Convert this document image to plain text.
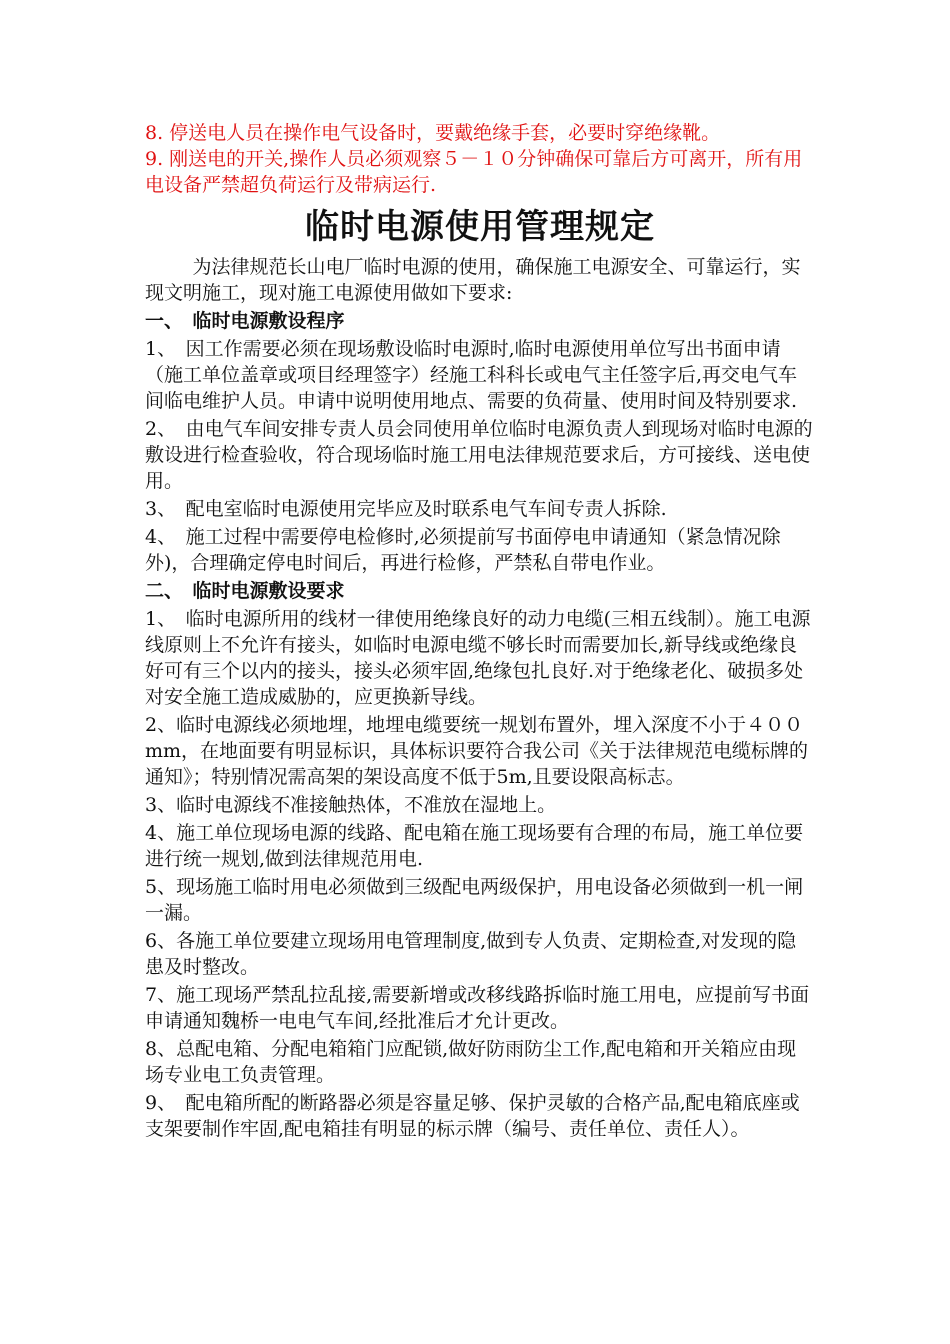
8. 停送电人员在操作电气设备时，要戴绝缘手套，必要时穿绝缘靴。

9. 刚送电的开关,操作人员必须观察５－１０分钟确保可靠后方可离开，所有用电设备严禁超负荷运行及带病运行.

临时电源使用管理规定

为法律规范长山电厂临时电源的使用，确保施工电源安全、可靠运行，实现文明施工，现对施工电源使用做如下要求:

一、　临时电源敷设程序

1、　因工作需要必须在现场敷设临时电源时,临时电源使用单位写出书面申请（施工单位盖章或项目经理签字）经施工科科长或电气主任签字后,再交电气车间临电维护人员。申请中说明使用地点、需要的负荷量、使用时间及特别要求.

2、　由电气车间安排专责人员会同使用单位临时电源负责人到现场对临时电源的敷设进行检查验收，符合现场临时施工用电法律规范要求后，方可接线、送电使用。

3、　配电室临时电源使用完毕应及时联系电气车间专责人拆除.

4、　施工过程中需要停电检修时,必须提前写书面停电申请通知（紧急情况除外)，合理确定停电时间后，再进行检修，严禁私自带电作业。

二、　临时电源敷设要求

1、　临时电源所用的线材一律使用绝缘良好的动力电缆(三相五线制）。施工电源线原则上不允许有接头，如临时电源电缆不够长时而需要加长,新导线或绝缘良好可有三个以内的接头，接头必须牢固,绝缘包扎良好.对于绝缘老化、破损多处对安全施工造成威胁的，应更换新导线。

2、临时电源线必须地埋，地埋电缆要统一规划布置外，埋入深度不小于４００mm，在地面要有明显标识，具体标识要符合我公司《关于法律规范电缆标牌的通知》；特别情况需高架的架设高度不低于5m,且要设限高标志。

3、临时电源线不准接触热体，不准放在湿地上。

4、施工单位现场电源的线路、配电箱在施工现场要有合理的布局，施工单位要进行统一规划,做到法律规范用电.

5、现场施工临时用电必须做到三级配电两级保护，用电设备必须做到一机一闸一漏。

6、各施工单位要建立现场用电管理制度,做到专人负责、定期检查,对发现的隐患及时整改。

7、施工现场严禁乱拉乱接,需要新增或改移线路拆临时施工用电，应提前写书面申请通知魏桥一电电气车间,经批准后才允计更改。

8、总配电箱、分配电箱箱门应配锁,做好防雨防尘工作,配电箱和开关箱应由现场专业电工负责管理。

9、　配电箱所配的断路器必须是容量足够、保护灵敏的合格产品,配电箱底座或支架要制作牢固,配电箱挂有明显的标示牌（编号、责任单位、责任人）。
